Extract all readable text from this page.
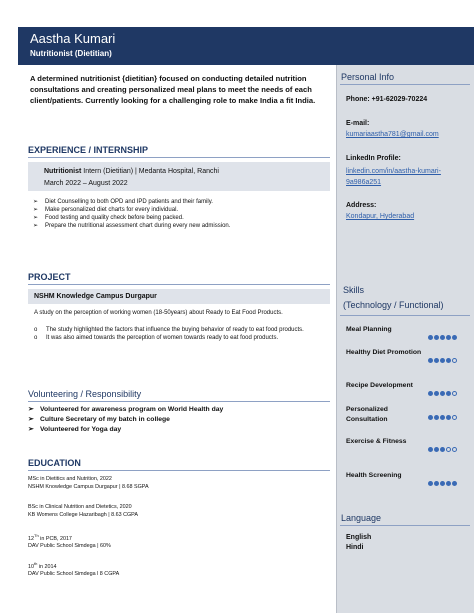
Aastha Kumari
Nutritionist (Dietitian)
A determined nutritionist {dietitian} focused on conducting detailed nutrition consultations and creating personalized meal plans to meet the needs of each client/patients. Currently looking for a challenging role to make India a fit India.
EXPERIENCE / INTERNSHIP
Nutritionist Intern (Dietitian) | Medanta Hospital, Ranchi
March 2022 – August 2022
➢ Diet Counselling to both OPD and IPD patients and their family.
➢ Make personalized diet charts for every individual.
➢ Food testing and quality check before being packed.
➢ Prepare the nutritional assessment chart during every new admission.
PROJECT
NSHM Knowledge Campus Durgapur
A study on the perception of working women (18-50years) about Ready to Eat Food Products.
o The study highlighted the factors that influence the buying behavior of ready to eat food products.
o It was also aimed towards the perception of women towards ready to eat food products.
Volunteering / Responsibility
➢ Volunteered for awareness program on World Health day
➢ Culture Secretary of my batch in college
➢ Volunteered for Yoga day
EDUCATION
MSc in Dietitics and Nutrition, 2022
NSHM Knowledge Campus Durgapur | 8.68 SGPA
BSc in Clinical Nutrition and Dietetics, 2020
KB Womens College Hazaribagh | 8.63 CGPA
12Th in PCB, 2017
DAV Public School Simdega | 60%
10th in 2014
DAV Public School Simdega l 8 CGPA
Personal Info
Phone: +91-62029-70224
E-mail:
kumariaastha781@gmail.com
LinkedIn Profile:
linkedin.com/in/aastha-kumari-
9a986a251
Address:
Kondapur, Hyderabad
Skills
(Technology / Functional)
Meal Planning
Healthy Diet Promotion
Recipe Development
Personalized Consultation
Exercise & Fitness
Health Screening
Language
English
Hindi
